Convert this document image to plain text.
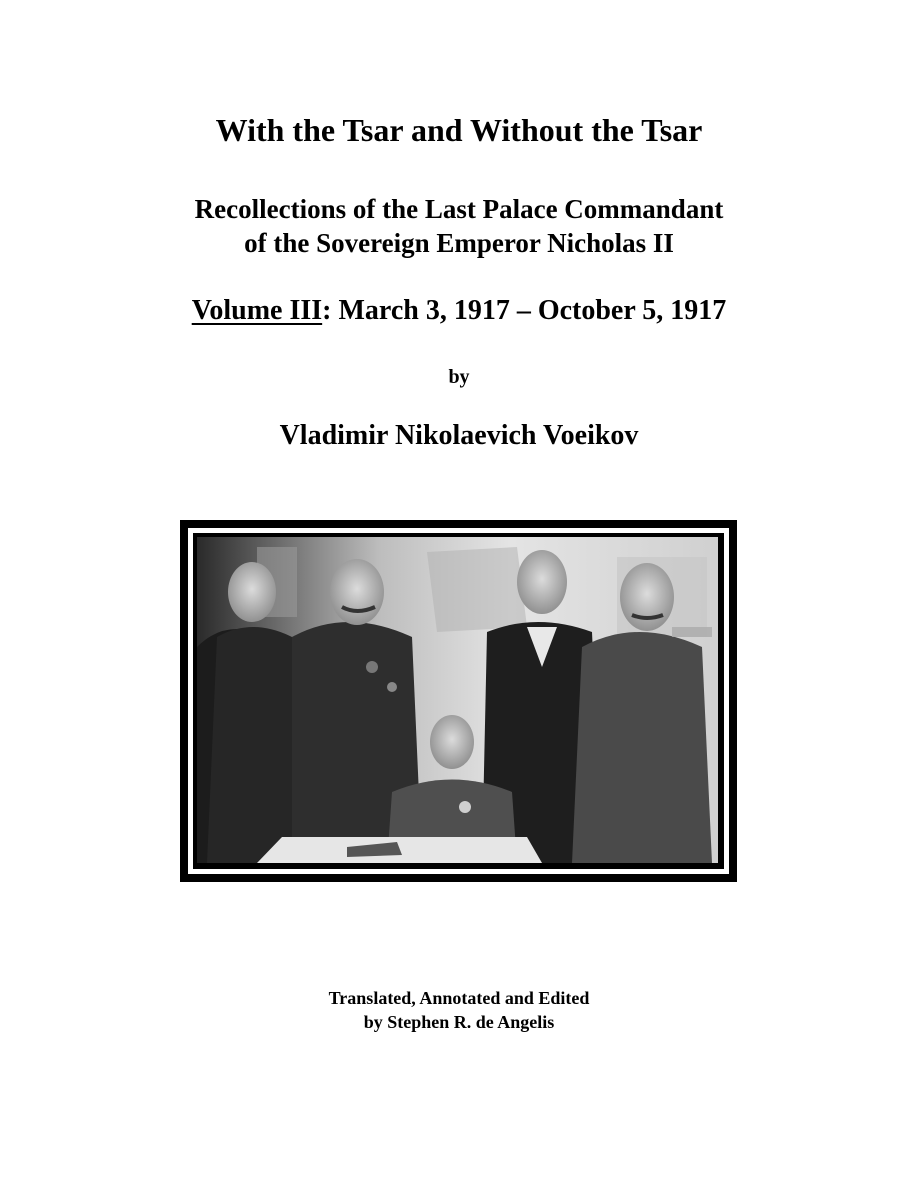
With the Tsar and Without the Tsar
Recollections of the Last Palace Commandant
of the Sovereign Emperor Nicholas II
Volume III: March 3, 1917 – October 5, 1917
by
Vladimir Nikolaevich Voeikov
Translated, Annotated and Edited
by Stephen R. de Angelis
